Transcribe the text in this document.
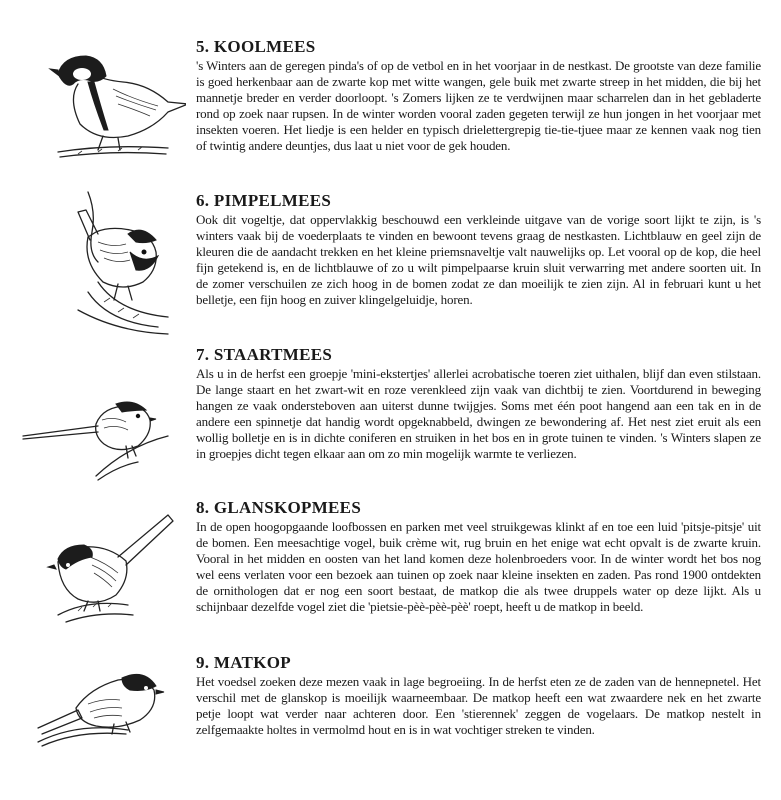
5. KOOLMEES

's Winters aan de geregen pinda's of op de vetbol en in het voorjaar in de nestkast. De grootste van deze familie is goed herkenbaar aan de zwarte kop met witte wangen, gele buik met zwarte streep in het midden, die bij het mannetje breder en verder doorloopt. 's Zomers lijken ze te verdwijnen maar scharrelen dan in het gebladerte rond op zoek naar rupsen. In de winter worden vooral zaden gegeten terwijl ze hun jongen in het voorjaar met insekten voeren. Het liedje is een helder en typisch drielettergrepig tie-tie-tjuee maar ze kennen vaak nog tien of twintig andere deuntjes, dus laat u niet voor de gek houden.

6. PIMPELMEES

Ook dit vogeltje, dat oppervlakkig beschouwd een verkleinde uitgave van de vorige soort lijkt te zijn, is 's winters vaak bij de voederplaats te vinden en bewoont tevens graag de nestkasten. Lichtblauw en geel zijn de kleuren die de aandacht trekken en het kleine priemsnaveltje valt nauwelijks op. Let vooral op de kop, die heel fijn getekend is, en de lichtblauwe of zo u wilt pimpelpaarse kruin sluit verwarring met andere soorten uit. In de zomer verschuilen ze zich hoog in de bomen zodat ze dan moeilijk te zien zijn. Al in februari kunt u het belletje, een fijn hoog en zuiver klingelgeluidje, horen.

7. STAARTMEES

Als u in de herfst een groepje 'mini-ekstertjes' allerlei acrobatische toeren ziet uithalen, blijf dan even stilstaan. De lange staart en het zwart-wit en roze verenkleed zijn vaak van dichtbij te zien. Voortdurend in beweging hangen ze vaak ondersteboven aan uiterst dunne twijgjes. Soms met één poot hangend aan een tak en in de andere een spinnetje dat handig wordt opgeknabbeld, dwingen ze bewondering af. Het nest ziet eruit als een wollig bolletje en is in dichte coniferen en struiken in het bos en in grote tuinen te vinden. 's Winters slapen ze in groepjes dicht tegen elkaar aan om zo min mogelijk warmte te verliezen.

8. GLANSKOPMEES

In de open hoogopgaande loofbossen en parken met veel struikgewas klinkt af en toe een luid 'pitsje-pitsje' uit de bomen. Een meesachtige vogel, buik crème wit, rug bruin en het enige wat echt opvalt is de zwarte kruin. Vooral in het midden en oosten van het land komen deze holenbroeders voor. In de winter wordt het bos nog wel eens verlaten voor een bezoek aan tuinen op zoek naar kleine insekten en zaden. Pas rond 1900 ontdekten de ornithologen dat er nog een soort bestaat, de matkop die als twee druppels water op deze lijkt. Als u schijnbaar dezelfde vogel ziet die 'pietsie-pèè-pèè-pèè' roept, heeft u de matkop in beeld.

9. MATKOP

Het voedsel zoeken deze mezen vaak in lage begroeiing. In de herfst eten ze de zaden van de hennepnetel. Het verschil met de glanskop is moeilijk waarneembaar. De matkop heeft een wat zwaardere nek en het zwarte petje loopt wat verder naar achteren door. Een 'stierennek' zeggen de vogelaars. De matkop nestelt in zelfgemaakte holtes in vermolmd hout en is in wat vochtiger streken te vinden.
